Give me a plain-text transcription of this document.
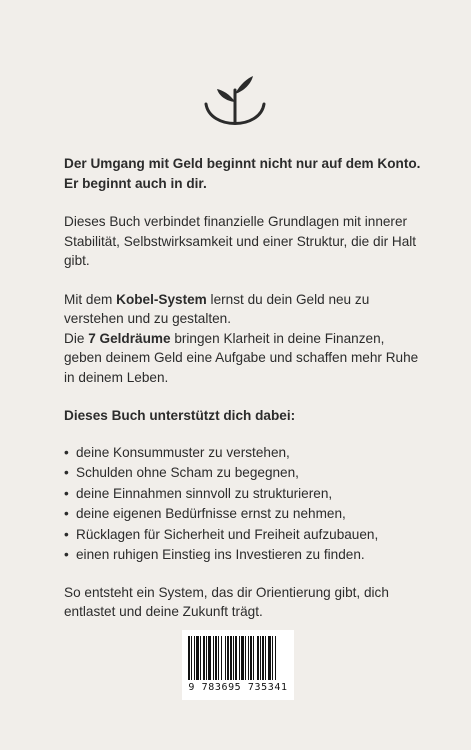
Der Umgang mit Geld beginnt nicht nur auf dem Konto.
Er beginnt auch in dir.

Dieses Buch verbindet finanzielle Grundlagen mit innerer Stabilität, Selbstwirksamkeit und einer Struktur, die dir Halt gibt.

Mit dem Kobel-System lernst du dein Geld neu zu verstehen und zu gestalten.

Die 7 Geldräume bringen Klarheit in deine Finanzen, geben deinem Geld eine Aufgabe und schaffen mehr Ruhe in deinem Leben.

Dieses Buch unterstützt dich dabei:

• deine Konsummuster zu verstehen,
• Schulden ohne Scham zu begegnen,
• deine Einnahmen sinnvoll zu strukturieren,
• deine eigenen Bedürfnisse ernst zu nehmen,
• Rücklagen für Sicherheit und Freiheit aufzubauen,
• einen ruhigen Einstieg ins Investieren zu finden.

So entsteht ein System, das dir Orientierung gibt, dich entlastet und deine Zukunft trägt.

9 783695 735341
